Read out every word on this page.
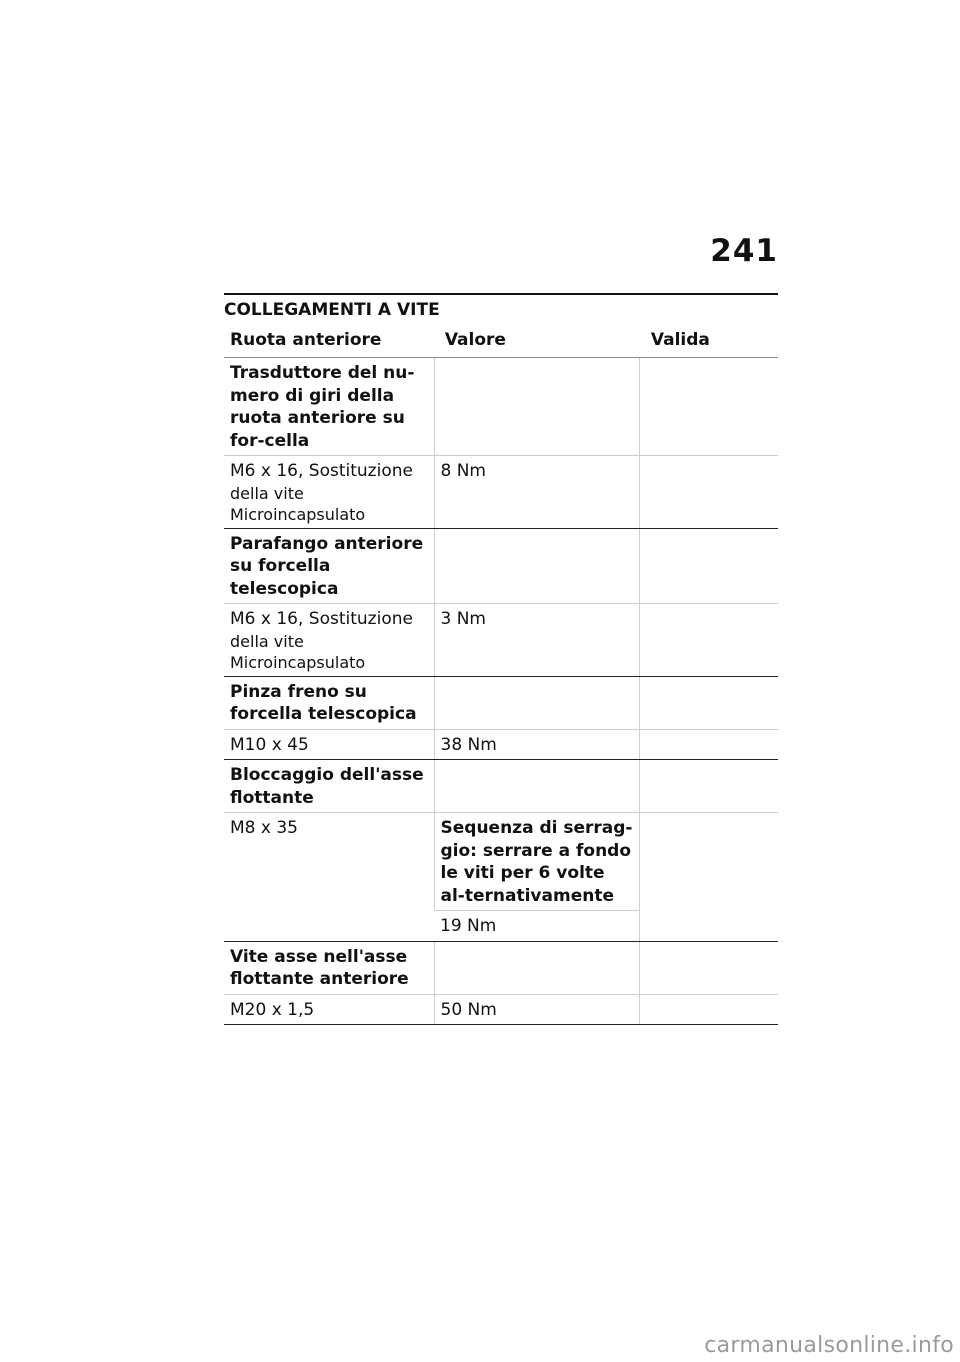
241
COLLEGAMENTI A VITE
Ruota anteriore	Valore	Valida
Trasduttore del nu-mero di giri della ruota anteriore su for-cella		

M6 x 16, Sostituzione
della vite
Microincapsulato	8 Nm	
Parafango anteriore su forcella telescopica		

M6 x 16, Sostituzione
della vite
Microincapsulato	3 Nm	
Pinza freno su forcella telescopica		
M10 x 45	38 Nm	
Bloccaggio dell'asse flottante		
M8 x 35	Sequenza di serrag-gio: serrare a fondo le viti per 6 volte al-ternativamente	
	19 Nm	
Vite asse nell'asse flottante anteriore		
M20 x 1,5	50 Nm	
carmanualsonline.info
